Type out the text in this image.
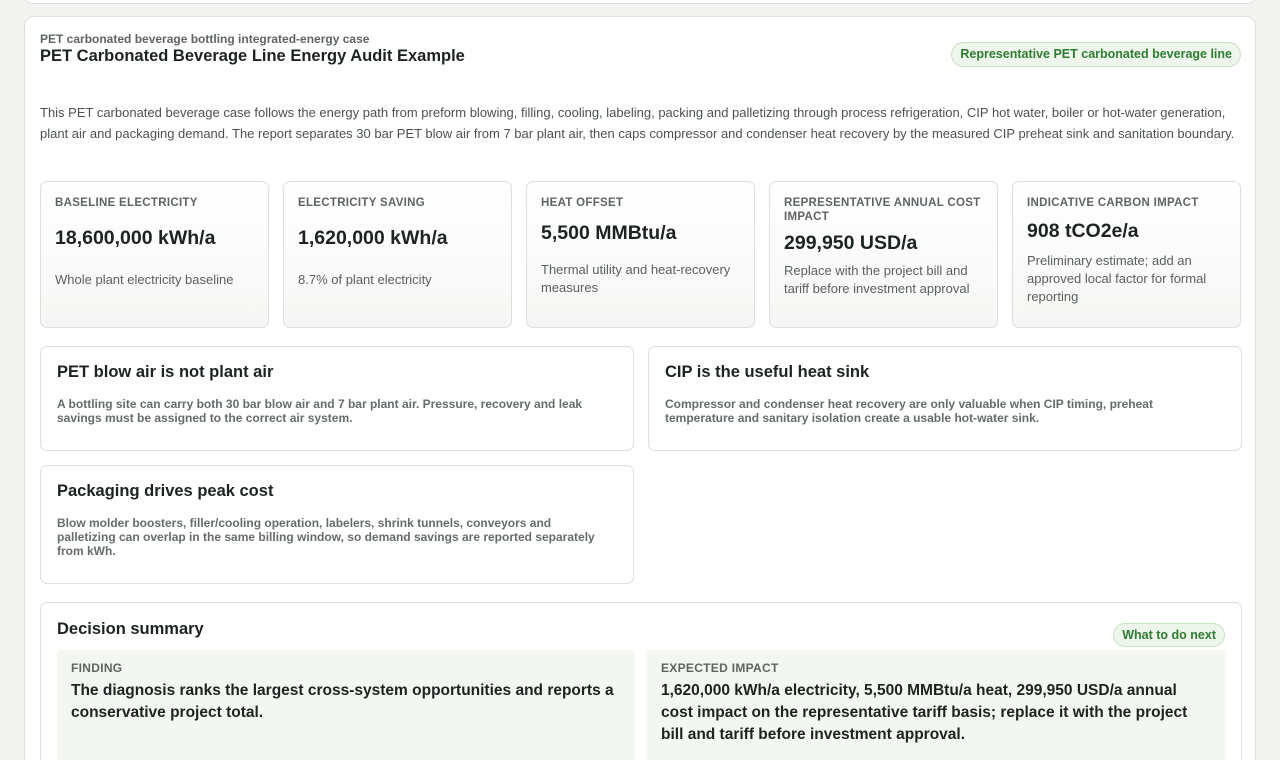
PET carbonated beverage bottling integrated-energy case
PET Carbonated Beverage Line Energy Audit Example	Representative PET carbonated beverage line

This PET carbonated beverage case follows the energy path from preform blowing, filling, cooling, labeling, packing and palletizing through process refrigeration, CIP hot water, boiler or hot-water generation, plant air and packaging demand. The report separates 30 bar PET blow air from 7 bar plant air, then caps compressor and condenser heat recovery by the measured CIP preheat sink and sanitation boundary.

BASELINE ELECTRICITY
18,600,000 kWh/a
Whole plant electricity baseline
ELECTRICITY SAVING
1,620,000 kWh/a
8.7% of plant electricity
HEAT OFFSET
5,500 MMBtu/a
Thermal utility and heat-recovery measures
REPRESENTATIVE ANNUAL COST IMPACT
299,950 USD/a
Replace with the project bill and tariff before investment approval
INDICATIVE CARBON IMPACT
908 tCO2e/a
Preliminary estimate; add an approved local factor for formal reporting
PET blow air is not plant air
A bottling site can carry both 30 bar blow air and 7 bar plant air. Pressure, recovery and leak savings must be assigned to the correct air system.
CIP is the useful heat sink
Compressor and condenser heat recovery are only valuable when CIP timing, preheat temperature and sanitary isolation create a usable hot-water sink.
Packaging drives peak cost
Blow molder boosters, filler/cooling operation, labelers, shrink tunnels, conveyors and palletizing can overlap in the same billing window, so demand savings are reported separately from kWh.
Decision summary	What to do next
FINDING
The diagnosis ranks the largest cross-system opportunities and reports a conservative project total.
EXPECTED IMPACT
1,620,000 kWh/a electricity, 5,500 MMBtu/a heat, 299,950 USD/a annual cost impact on the representative tariff basis; replace it with the project bill and tariff before investment approval.
